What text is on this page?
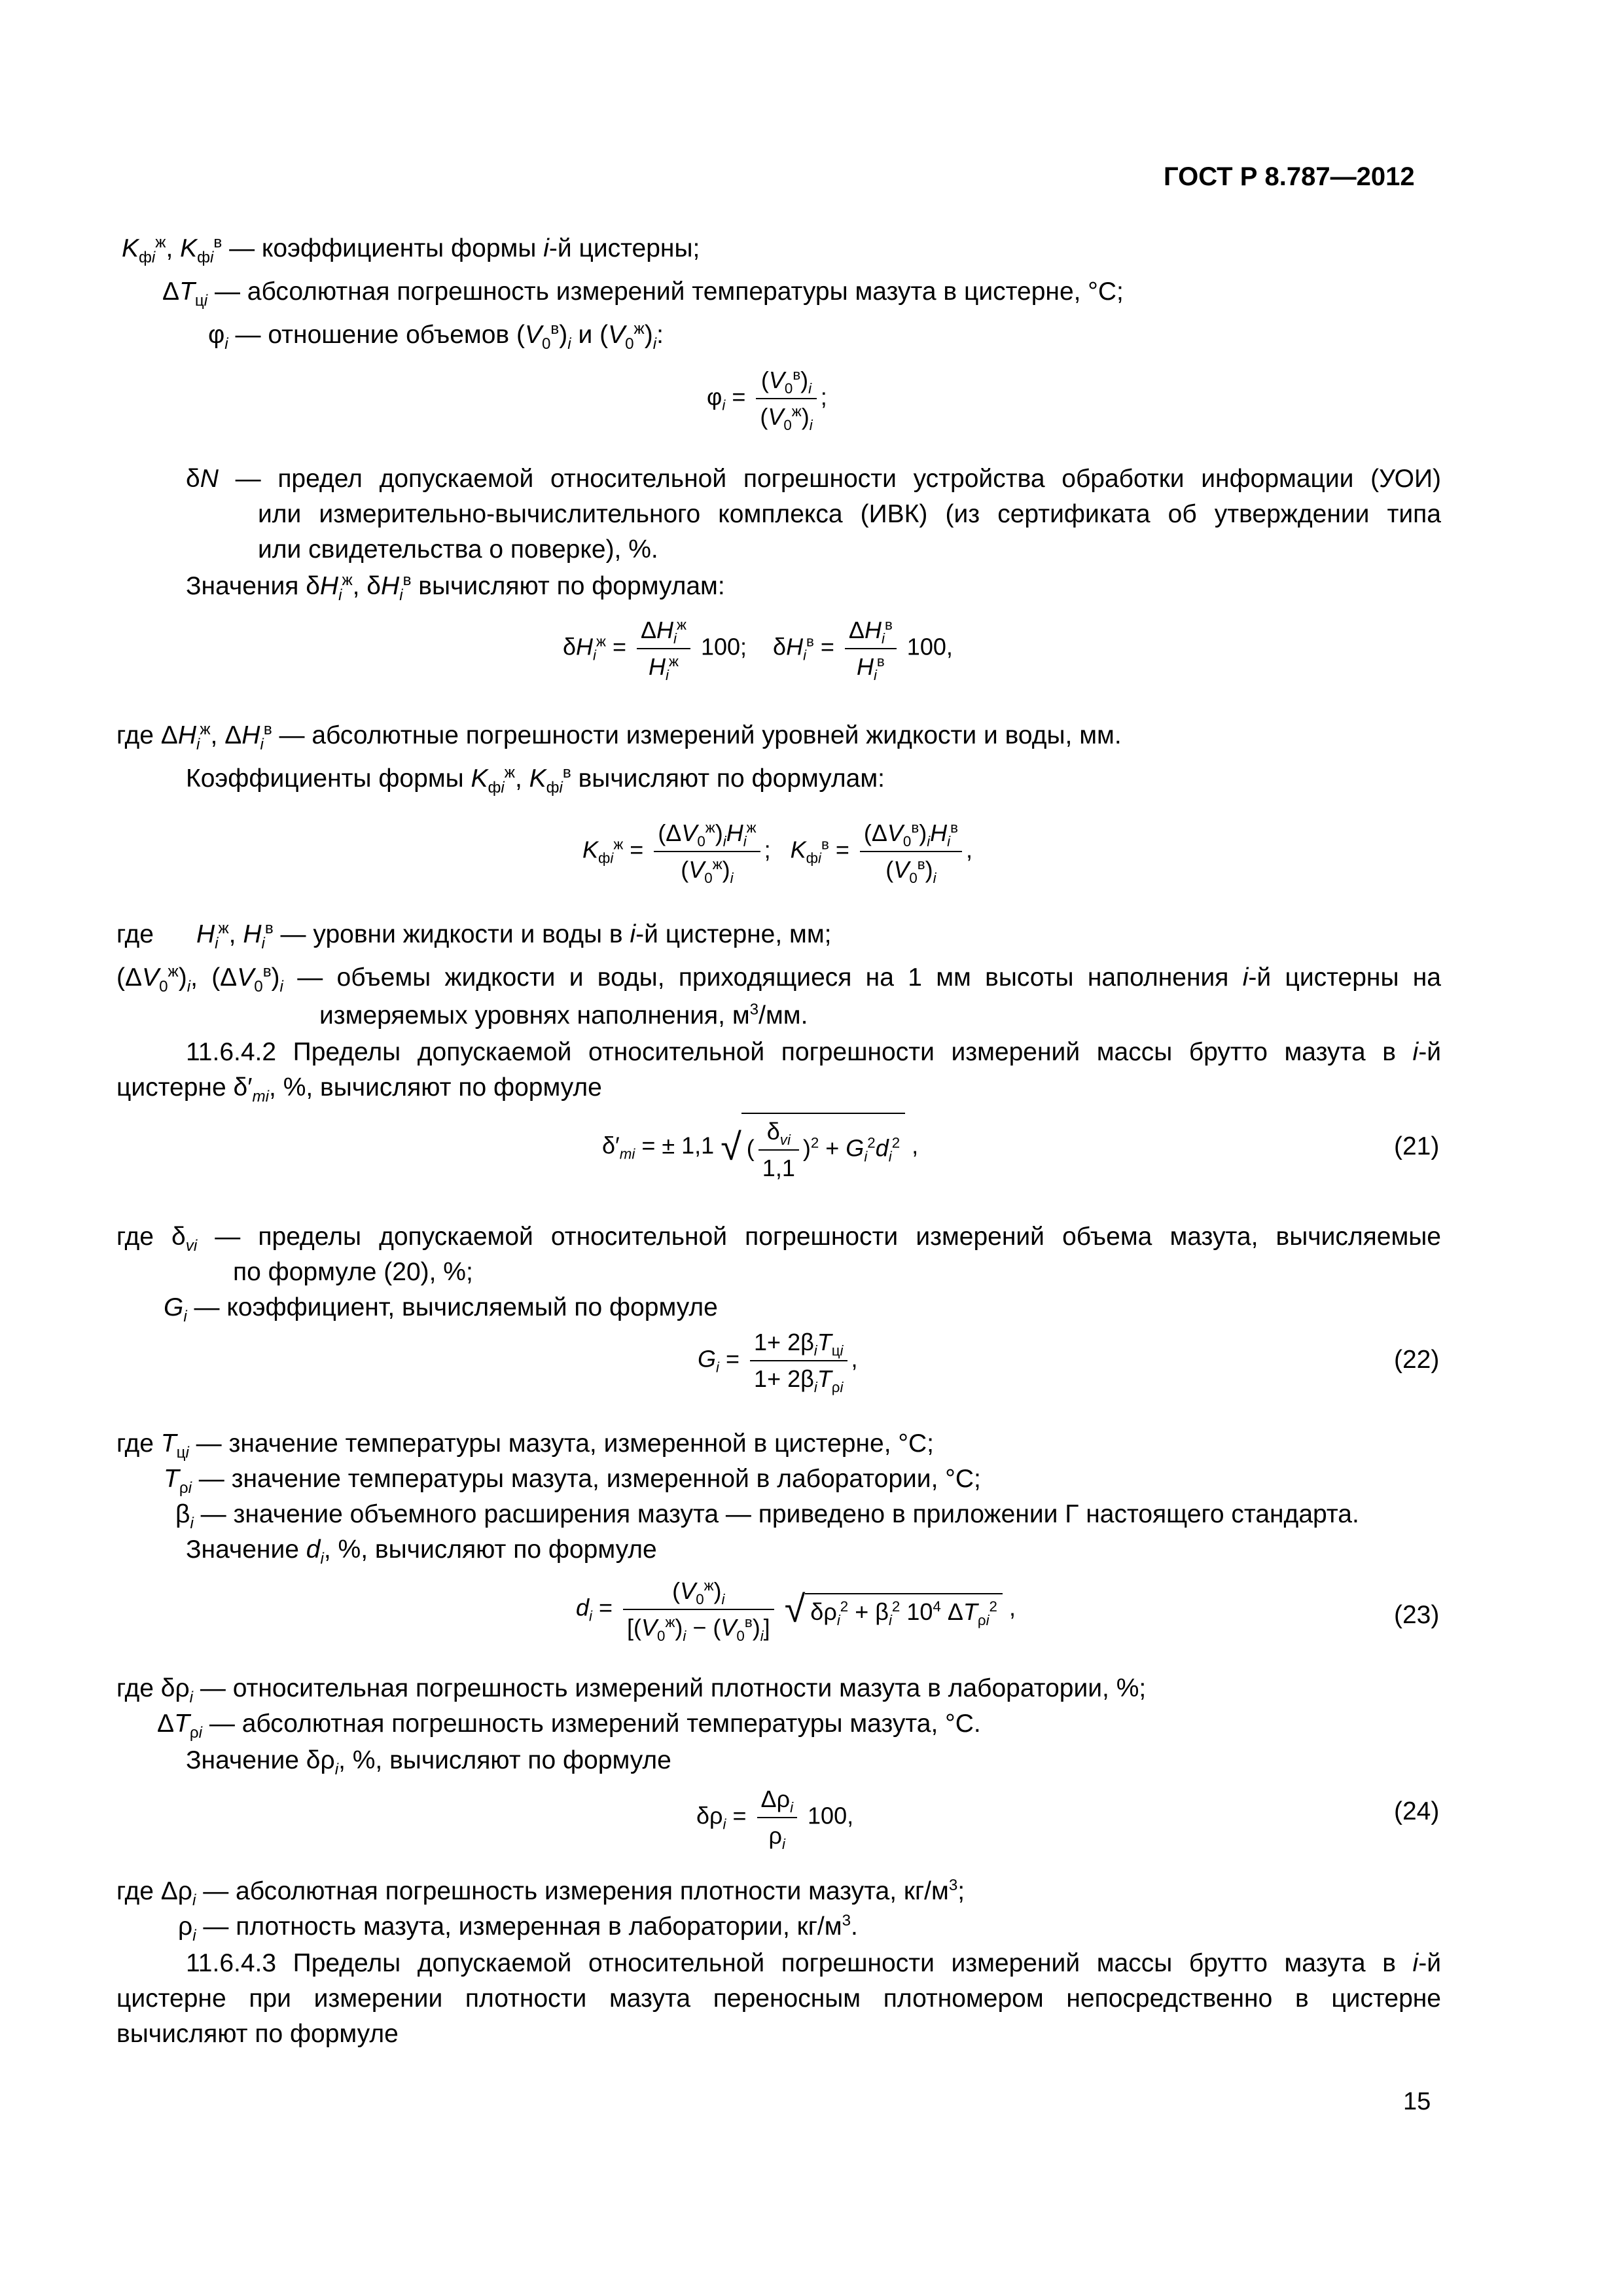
ГОСТ Р 8.787—2012
$K_{фi}^ж$, $K_{фi}^в$ — коэффициенты формы i-й цистерны;
$\Delta T_{цi}$ — абсолютная погрешность измерений температуры мазута в цистерне, °С;
$\varphi_i$ — отношение объемов $(V_0^в)_i$ и $(V_0^ж)_i$:
$\varphi_i = \frac{(V_0^в)_i}{(V_0^ж)_i}$ ;
δN — предел допускаемой относительной погрешности устройства обработки информации (УОИ)
или измерительно-вычислительного комплекса (ИВК) (из сертификата об утверждении типа
или свидетельства о поверке), %.
Значения $\delta H_i^ж$, $\delta H_i^в$ вычисляют по формулам:
$\delta H_i^ж = \frac{\Delta H_i^ж}{H_i^ж} 100$;    $\delta H_i^в = \frac{\Delta H_i^в}{H_i^в} 100$,
где $\Delta H_i^ж$, $\Delta H_i^в$ — абсолютные погрешности измерений уровней жидкости и воды, мм.
Коэффициенты формы $K_{фi}^ж$, $K_{фi}^в$ вычисляют по формулам:
$K_{фi}^ж = \frac{(\Delta V_0^ж)_iH_i^ж}{(V_0^ж)_i}$ ;   $K_{фi}^в = \frac{(\Delta V_0^в)_iH_i^в}{(V_0^в)_i}$ ,
где      $H_i^ж$, $H_i^в$ — уровни жидкости и воды в i-й цистерне, мм;
$(\Delta V_0^ж)_i$, $(\Delta V_0^в)_i$ — объемы жидкости и воды, приходящиеся на 1 мм высоты наполнения i-й цистерны на
измеряемых уровнях наполнения, $м^3/мм$.
11.6.4.2 Пределы допускаемой относительной погрешности измерений массы брутто мазута в i-й
цистерне $\delta'_{mi}$, %, вычисляют по формуле
$\delta'_{mi}$ = ± 1,1 √ ( $\frac{\delta_{vi}}{1,1} )^2 + G_i^2d_i^2$ ,	(21)
где $\delta_{vi}$ — пределы допускаемой относительной погрешности измерений объема мазута, вычисляемые
по формуле (20), %;
$G_i$ — коэффициент, вычисляемый по формуле
$G_i = \frac{1+ 2\beta_iT_{цi}}{1+ 2\beta_iT_{\rho i}}$ ,	(22)
где $T_{цi}$ — значение температуры мазута, измеренной в цистерне, °С;
$T_{\rho i}$ — значение температуры мазута, измеренной в лаборатории, °С;
$\beta_i$ — значение объемного расширения мазута — приведено в приложении Г настоящего стандарта.
Значение $d_i$, %, вычисляют по формуле
$d_i = \frac{(V_0^ж)_i}{[(V_0^ж)_i - (V_0^в)_i]}$ √ $\delta\rho_i^2 + \beta_i^2$ $10^4$ $\Delta T_{\rho i}^2$ ,	(23)
где $\delta\rho_i$ — относительная погрешность измерений плотности мазута в лаборатории, %;
$\Delta T_{\rho i}$ — абсолютная погрешность измерений температуры мазута, °С.
Значение $\delta\rho_i$, %, вычисляют по формуле
$\delta\rho_i = \frac{\Delta\rho_i}{\rho_i} 100$,	(24)
где $\Delta\rho_i$ — абсолютная погрешность измерения плотности мазута, $кг/м^3$;
$\rho_i$ — плотность мазута, измеренная в лаборатории, $кг/м^3$.
11.6.4.3 Пределы допускаемой относительной погрешности измерений массы брутто мазута в i-й
цистерне при измерении плотности мазута переносным плотномером непосредственно в цистерне
вычисляют по формуле
15
